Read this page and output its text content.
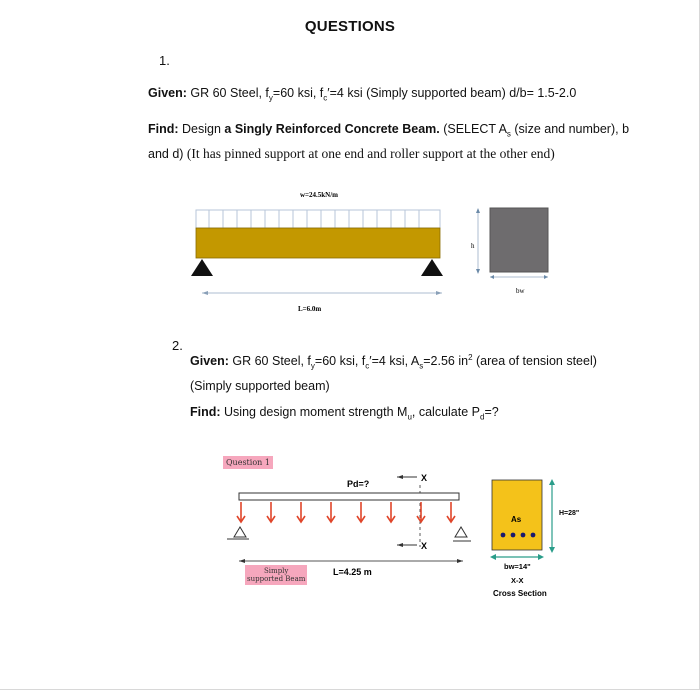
QUESTIONS
1.
Given: GR 60 Steel, $f_y=60$ ksi, $f_c'=4$ ksi (Simply supported beam) d/b= 1.5-2.0
Find: Design a Singly Reinforced Concrete Beam. (SELECT $A_s$ (size and number), b
and d) (It has pinned support at one end and roller support at the other end)
w=24.5kN/m
L=6.0m
h
bw
2.
Given: GR 60 Steel, $f_y=60$ ksi, $f_c'=4$ ksi, $A_s=2.56$ $in^2$ (area of tension steel)
(Simply supported beam)
Find: Using design moment strength $M_u$, calculate $P_d=$?
Question 1
Simply
supported Beam
Pd=?
X
X
L=4.25 m
As
H=28"
bw=14"
X-X
Cross Section
